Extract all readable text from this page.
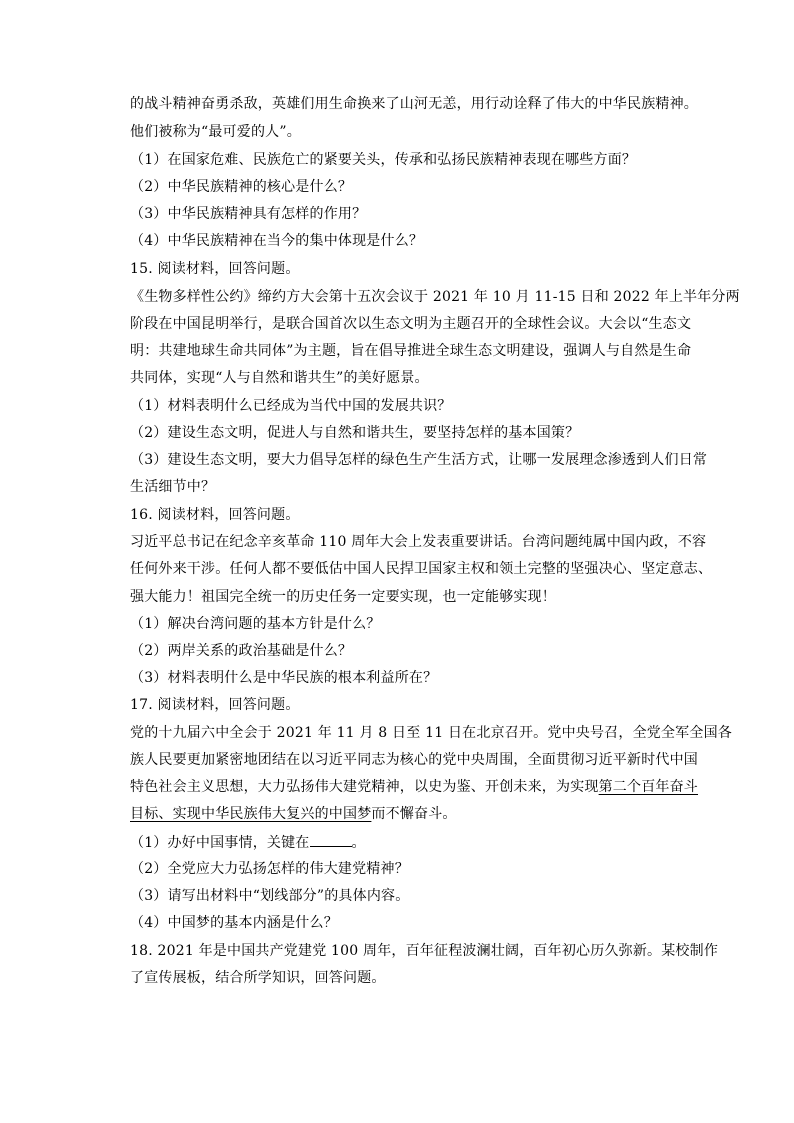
的战斗精神奋勇杀敌，英雄们用生命换来了山河无恙，用行动诠释了伟大的中华民族精神。
他们被称为“最可爱的人”。
（1）在国家危难、民族危亡的紧要关头，传承和弘扬民族精神表现在哪些方面？
（2）中华民族精神的核心是什么？
（3）中华民族精神具有怎样的作用？
（4）中华民族精神在当今的集中体现是什么？
15. 阅读材料，回答问题。
《生物多样性公约》缔约方大会第十五次会议于 2021 年 10 月 11-15 日和 2022 年上半年分两
阶段在中国昆明举行，是联合国首次以生态文明为主题召开的全球性会议。大会以“生态文
明：共建地球生命共同体”为主题，旨在倡导推进全球生态文明建设，强调人与自然是生命
共同体，实现“人与自然和谐共生”的美好愿景。
（1）材料表明什么已经成为当代中国的发展共识？
（2）建设生态文明，促进人与自然和谐共生，要坚持怎样的基本国策？
（3）建设生态文明，要大力倡导怎样的绿色生产生活方式，让哪一发展理念渗透到人们日常
生活细节中？
16. 阅读材料，回答问题。
习近平总书记在纪念辛亥革命 110 周年大会上发表重要讲话。台湾问题纯属中国内政，不容
任何外来干涉。任何人都不要低估中国人民捍卫国家主权和领土完整的坚强决心、坚定意志、
强大能力！祖国完全统一的历史任务一定要实现，也一定能够实现！
（1）解决台湾问题的基本方针是什么？
（2）两岸关系的政治基础是什么？
（3）材料表明什么是中华民族的根本利益所在？
17. 阅读材料，回答问题。
党的十九届六中全会于 2021 年 11 月 8 日至 11 日在北京召开。党中央号召，全党全军全国各
族人民要更加紧密地团结在以习近平同志为核心的党中央周围，全面贯彻习近平新时代中国
特色社会主义思想，大力弘扬伟大建党精神，以史为鉴、开创未来，为实现第二个百年奋斗
目标、实现中华民族伟大复兴的中国梦而不懈奋斗。
（1）办好中国事情，关键在	。
（2）全党应大力弘扬怎样的伟大建党精神？
（3）请写出材料中“划线部分”的具体内容。
（4）中国梦的基本内涵是什么？
18. 2021 年是中国共产党建党 100 周年，百年征程波澜壮阔，百年初心历久弥新。某校制作
了宣传展板，结合所学知识，回答问题。
